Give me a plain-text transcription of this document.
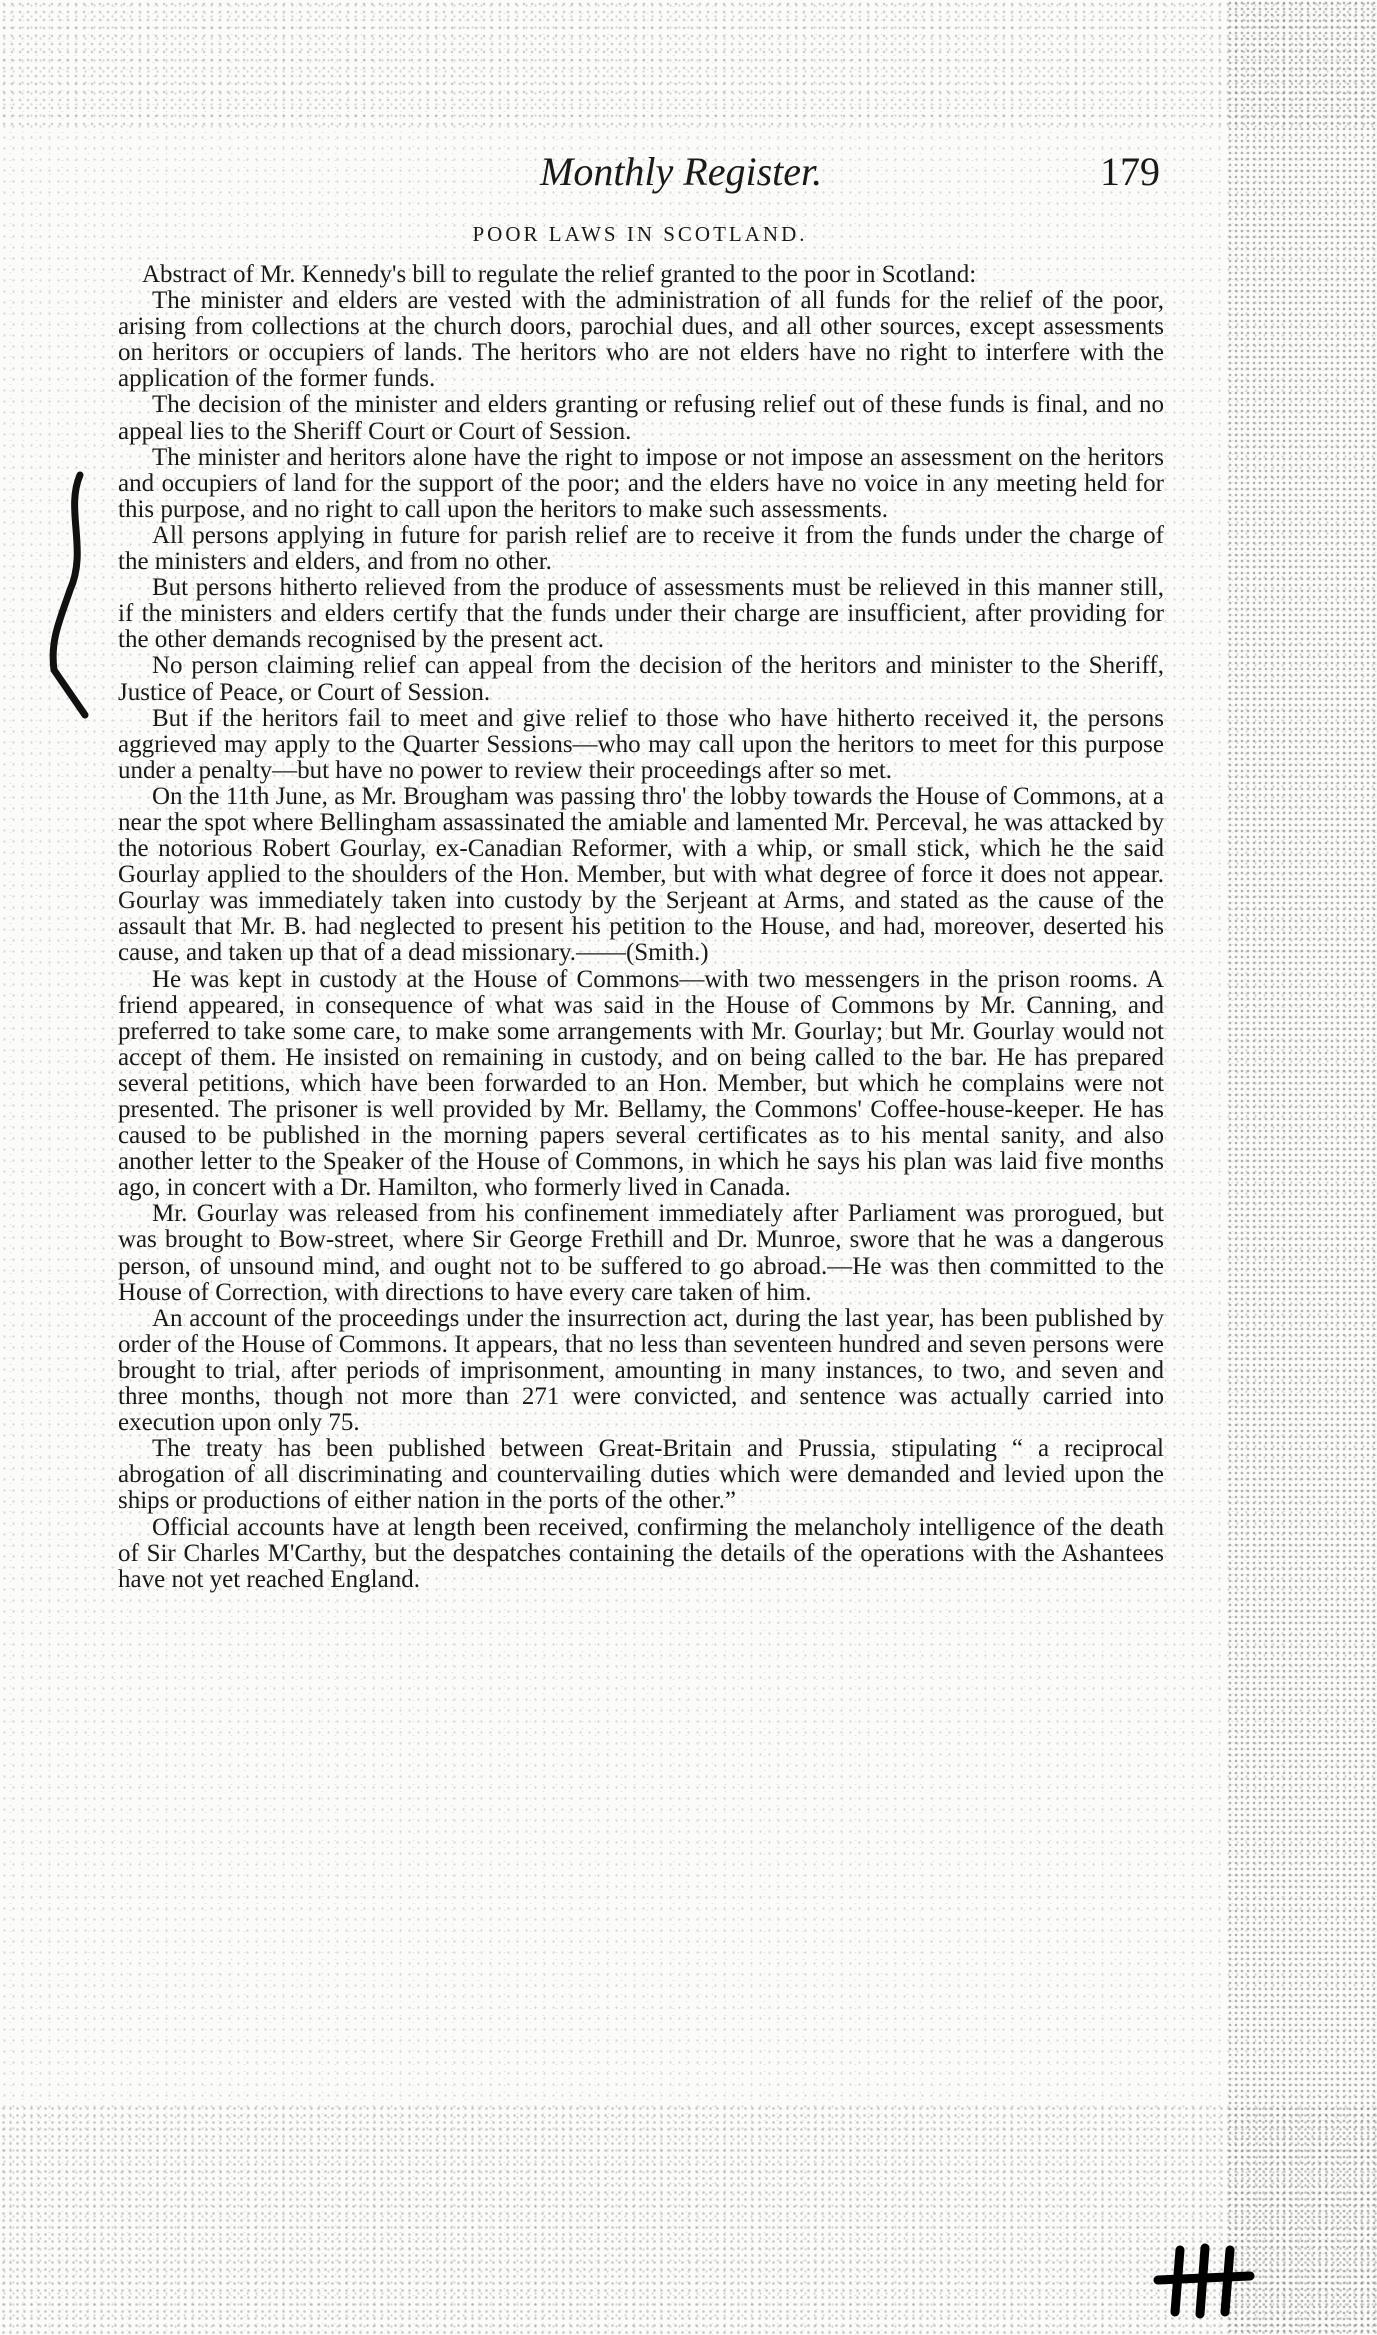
Monthly Register.	179
POOR LAWS IN SCOTLAND.

Abstract of Mr. Kennedy's bill to regulate the relief granted to the poor in Scotland:

The minister and elders are vested with the administration of all funds for the relief of the poor, arising from collections at the church doors, parochial dues, and all other sources, except assessments on heritors or occupiers of lands. The heritors who are not elders have no right to interfere with the application of the former funds.

The decision of the minister and elders granting or refusing relief out of these funds is final, and no appeal lies to the Sheriff Court or Court of Session.

The minister and heritors alone have the right to impose or not impose an assessment on the heritors and occupiers of land for the support of the poor; and the elders have no voice in any meeting held for this purpose, and no right to call upon the heritors to make such assessments.

All persons applying in future for parish relief are to receive it from the funds under the charge of the ministers and elders, and from no other.

But persons hitherto relieved from the produce of assessments must be relieved in this manner still, if the ministers and elders certify that the funds under their charge are insufficient, after providing for the other demands recognised by the present act.

No person claiming relief can appeal from the decision of the heritors and minister to the Sheriff, Justice of Peace, or Court of Session.

But if the heritors fail to meet and give relief to those who have hitherto received it, the persons aggrieved may apply to the Quarter Sessions—who may call upon the heritors to meet for this purpose under a penalty—but have no power to review their proceedings after so met.

On the 11th June, as Mr. Brougham was passing thro' the lobby towards the House of Commons, at a near the spot where Bellingham assassinated the amiable and lamented Mr. Perceval, he was attacked by the notorious Robert Gourlay, ex-Canadian Reformer, with a whip, or small stick, which he the said Gourlay applied to the shoulders of the Hon. Member, but with what degree of force it does not appear. Gourlay was immediately taken into custody by the Serjeant at Arms, and stated as the cause of the assault that Mr. B. had neglected to present his petition to the House, and had, moreover, deserted his cause, and taken up that of a dead missionary.——(Smith.)

He was kept in custody at the House of Commons—with two messengers in the prison rooms. A friend appeared, in consequence of what was said in the House of Commons by Mr. Canning, and preferred to take some care, to make some arrangements with Mr. Gourlay; but Mr. Gourlay would not accept of them. He insisted on remaining in custody, and on being called to the bar. He has prepared several petitions, which have been forwarded to an Hon. Member, but which he complains were not presented. The prisoner is well provided by Mr. Bellamy, the Commons' Coffee-house-keeper. He has caused to be published in the morning papers several certificates as to his mental sanity, and also another letter to the Speaker of the House of Commons, in which he says his plan was laid five months ago, in concert with a Dr. Hamilton, who formerly lived in Canada.

Mr. Gourlay was released from his confinement immediately after Parliament was prorogued, but was brought to Bow-street, where Sir George Frethill and Dr. Munroe, swore that he was a dangerous person, of unsound mind, and ought not to be suffered to go abroad.—He was then committed to the House of Correction, with directions to have every care taken of him.

An account of the proceedings under the insurrection act, during the last year, has been published by order of the House of Commons. It appears, that no less than seventeen hundred and seven persons were brought to trial, after periods of imprisonment, amounting in many instances, to two, and seven and three months, though not more than 271 were convicted, and sentence was actually carried into execution upon only 75.

The treaty has been published between Great-Britain and Prussia, stipulating “ a reciprocal abrogation of all discriminating and countervailing duties which were demanded and levied upon the ships or productions of either nation in the ports of the other.”

Official accounts have at length been received, confirming the melancholy intelligence of the death of Sir Charles M'Carthy, but the despatches containing the details of the operations with the Ashantees have not yet reached England.
